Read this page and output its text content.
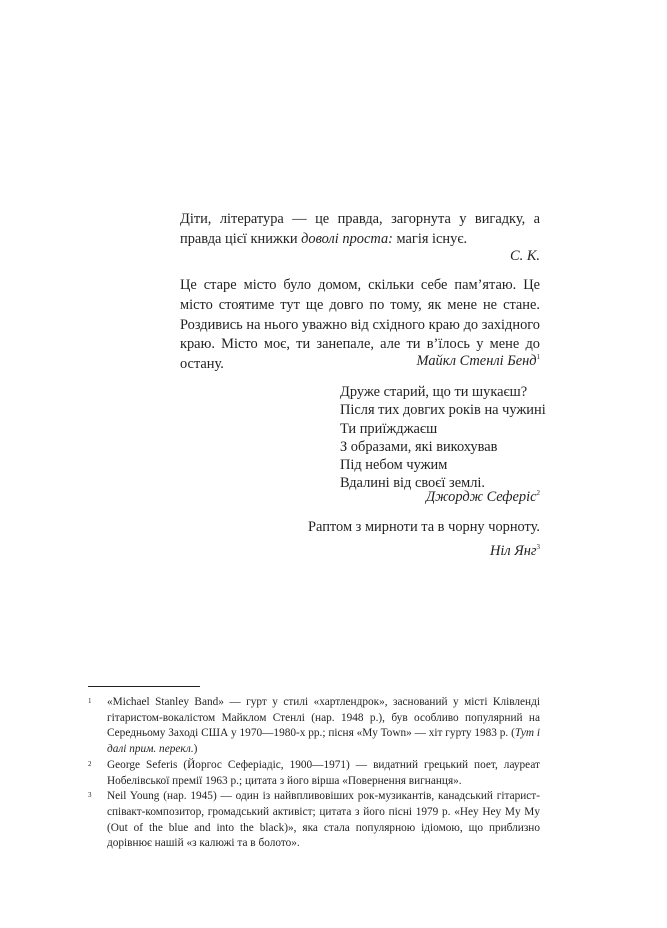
Діти, література — це правда, загорнута у вигадку, а правда цієї книжки доволі проста: магія існує.
С. К.
Це старе місто було домом, скільки себе пам’ятаю. Це місто стоятиме тут ще довго по тому, як мене не стане. Роздивись на нього уважно від східного краю до західного краю. Місто моє, ти занепале, але ти в’їлось у мене до остану.	Майкл Стенлі Бенд$^1$
Друже старий, що ти шукаєш?
Після тих довгих років на чужині
Ти приїжджаєш
З образами, які викохував
Під небом чужим
Вдалині від своєї землі.
Джордж Сеферіс$^2$
Раптом з мирноти та в чорну чорноту.
Ніл Янг$^3$
1 «Michael Stanley Band» — гурт у стилі «хартлендрок», заснований у місті Клівленді гітаристом-вокалістом Майклом Стенлі (нар. 1948 р.), був особливо популярний на Середньому Заході США у 1970—1980-х рр.; пісня «My Town» — хіт гурту 1983 р. (Тут і далі прим. перекл.)
2 George Seferis (Йоргос Сеферіадіс, 1900—1971) — видатний грецький поет, лауреат Нобелівської премії 1963 р.; цитата з його вірша «Повернення вигнанця».
3 Neil Young (нар. 1945) — один із найвпливовіших рок-музикантів, канадський гітарист-співакт-композитор, громадський активіст; цитата з його пісні 1979 р. «Hey Hey My My (Out of the blue and into the black)», яка стала популярною ідіомою, що приблизно дорівнює нашій «з калюжі та в болото».
